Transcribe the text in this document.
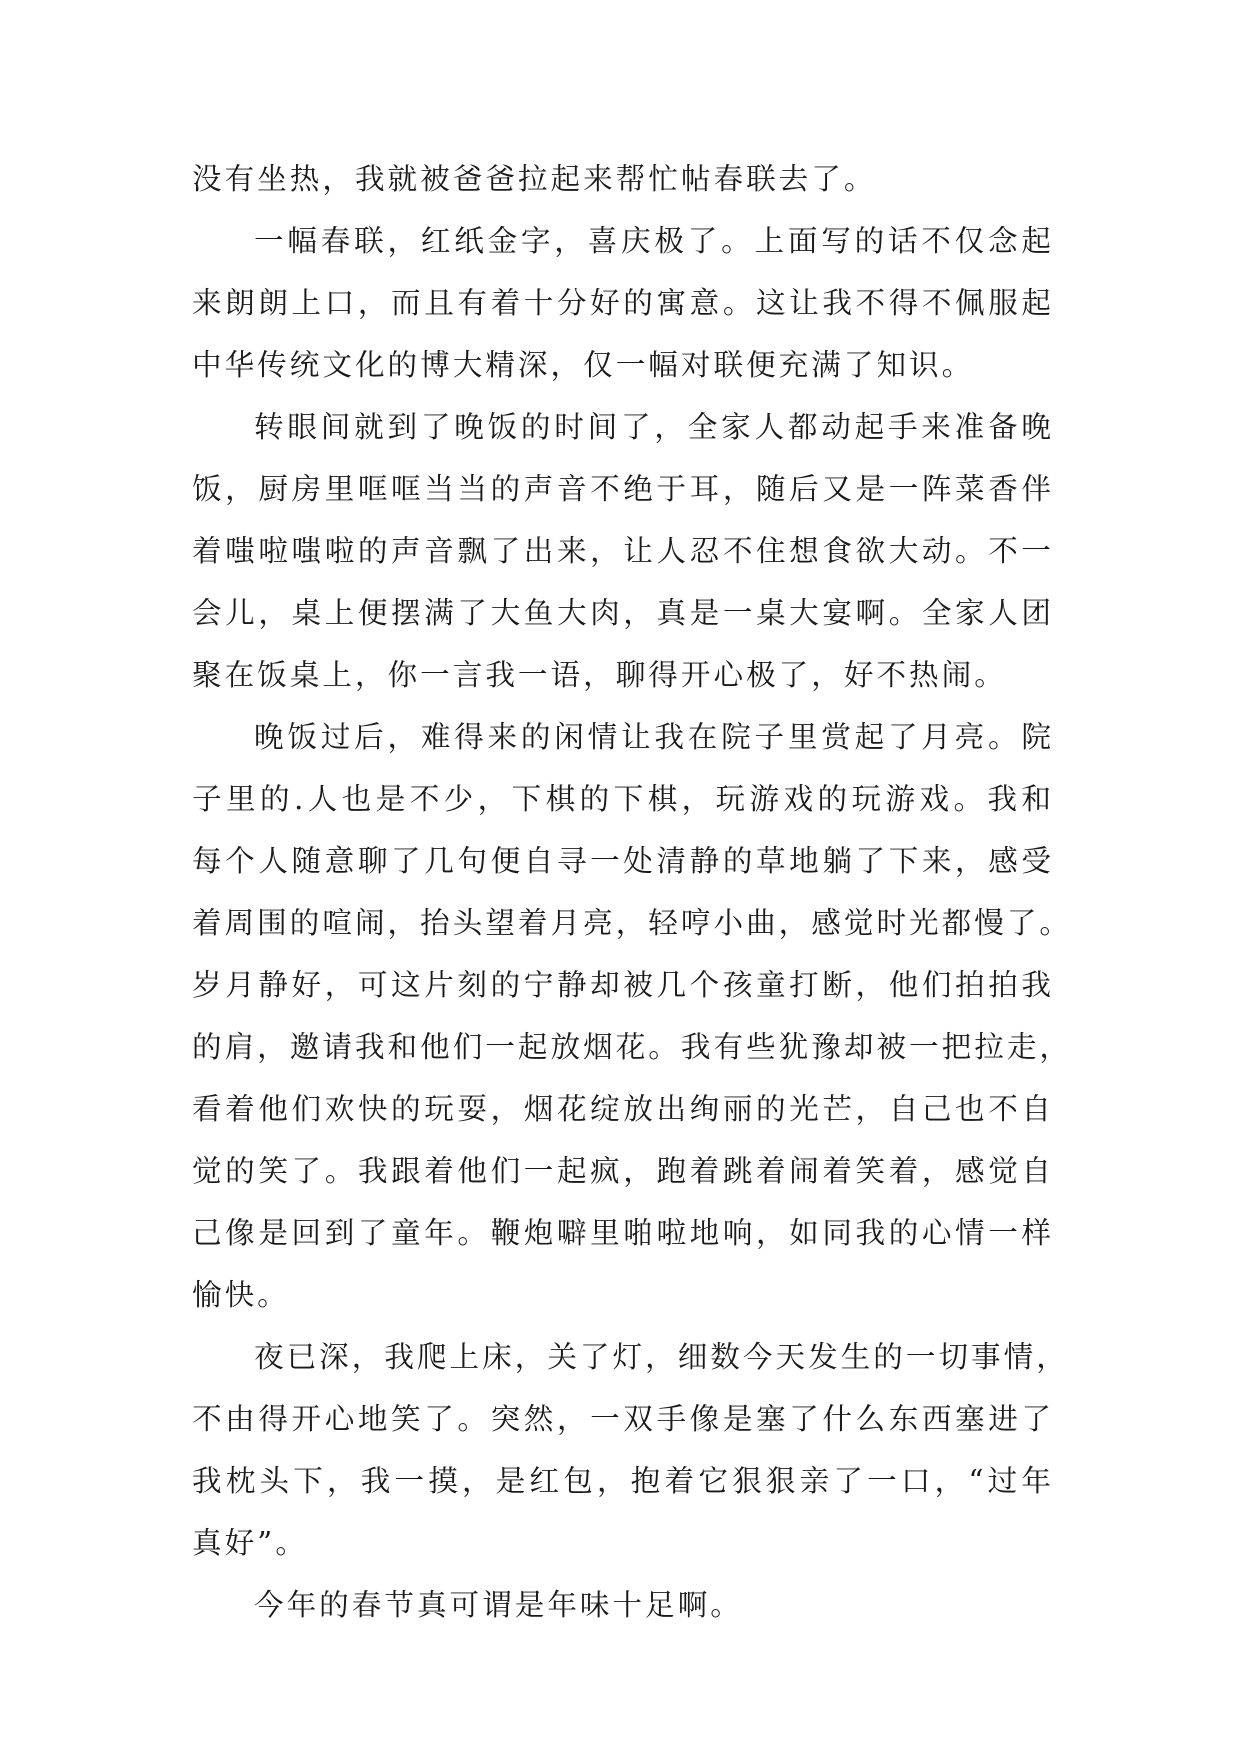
没有坐热，我就被爸爸拉起来帮忙帖春联去了。
一幅春联，红纸金字，喜庆极了。上面写的话不仅念起
来朗朗上口，而且有着十分好的寓意。这让我不得不佩服起
中华传统文化的博大精深，仅一幅对联便充满了知识。
转眼间就到了晚饭的时间了，全家人都动起手来准备晚
饭，厨房里哐哐当当的声音不绝于耳，随后又是一阵菜香伴
着嗤啦嗤啦的声音飘了出来，让人忍不住想食欲大动。不一
会儿，桌上便摆满了大鱼大肉，真是一桌大宴啊。全家人团
聚在饭桌上，你一言我一语，聊得开心极了，好不热闹。
晚饭过后，难得来的闲情让我在院子里赏起了月亮。院
子里的.人也是不少，下棋的下棋，玩游戏的玩游戏。我和
每个人随意聊了几句便自寻一处清静的草地躺了下来，感受
着周围的喧闹，抬头望着月亮，轻哼小曲，感觉时光都慢了。
岁月静好，可这片刻的宁静却被几个孩童打断，他们拍拍我
的肩，邀请我和他们一起放烟花。我有些犹豫却被一把拉走，
看着他们欢快的玩耍，烟花绽放出绚丽的光芒，自己也不自
觉的笑了。我跟着他们一起疯，跑着跳着闹着笑着，感觉自
己像是回到了童年。鞭炮噼里啪啦地响，如同我的心情一样
愉快。
夜已深，我爬上床，关了灯，细数今天发生的一切事情，
不由得开心地笑了。突然，一双手像是塞了什么东西塞进了
我枕头下，我一摸，是红包，抱着它狠狠亲了一口，“过年
真好”。
今年的春节真可谓是年味十足啊。
